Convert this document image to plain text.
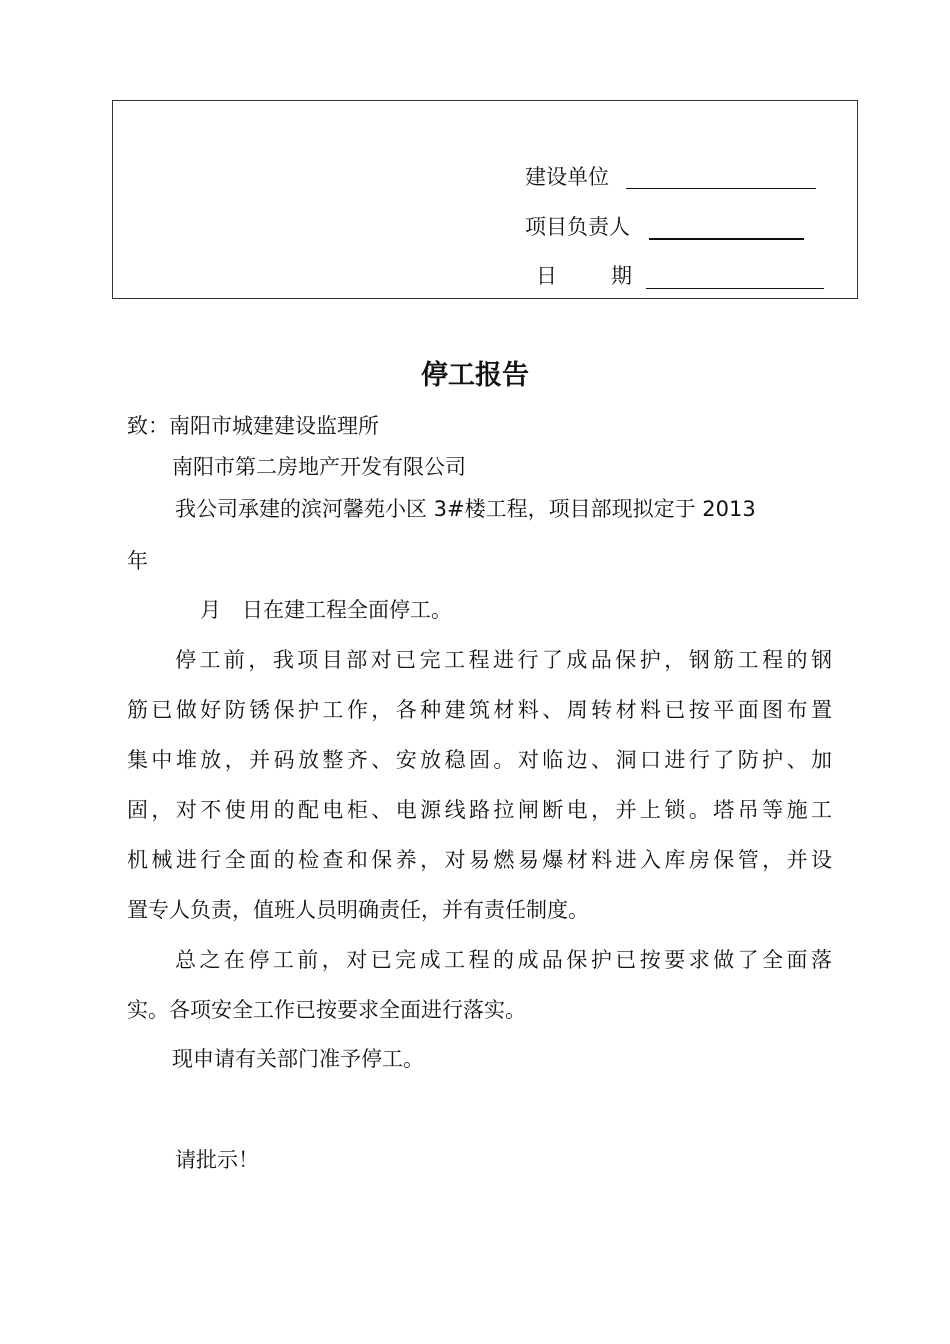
建设单位
项目负责人
日	期
停工报告
致：南阳市城建建设监理所
南阳市第二房地产开发有限公司
我公司承建的滨河馨苑小区 3#楼工程，项目部现拟定于 2013
年
月　日在建工程全面停工。
停工前，我项目部对已完工程进行了成品保护，钢筋工程的钢
筋已做好防锈保护工作，各种建筑材料、周转材料已按平面图布置
集中堆放，并码放整齐、安放稳固。对临边、洞口进行了防护、加
固，对不使用的配电柜、电源线路拉闸断电，并上锁。塔吊等施工
机械进行全面的检查和保养，对易燃易爆材料进入库房保管，并设
置专人负责，值班人员明确责任，并有责任制度。
总之在停工前，对已完成工程的成品保护已按要求做了全面落
实。各项安全工作已按要求全面进行落实。
现申请有关部门准予停工。
请批示！
